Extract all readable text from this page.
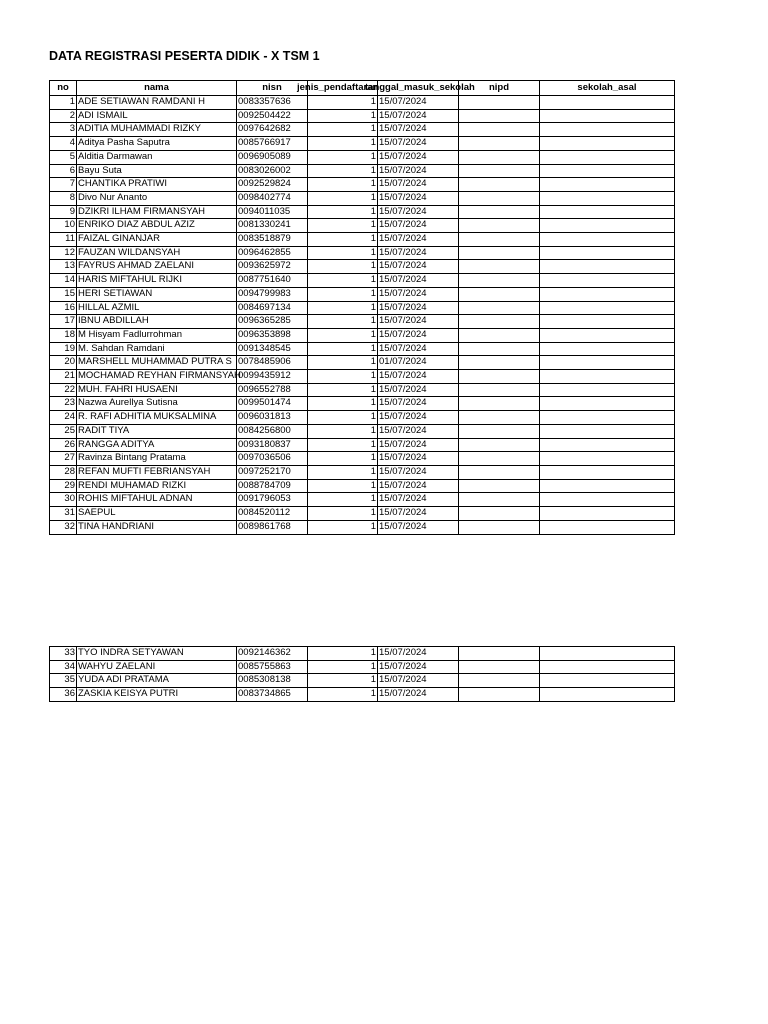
DATA REGISTRASI PESERTA DIDIK - X TSM 1
no	nama	nisn	jenis_pendaftaran	tanggal_masuk_sekolah	nipd	sekolah_asal
1	ADE SETIAWAN RAMDANI H	0083357636	1	15/07/2024		
2	ADI ISMAIL	0092504422	1	15/07/2024		
3	ADITIA MUHAMMADI RIZKY	0097642682	1	15/07/2024		
4	Aditya Pasha Saputra	0085766917	1	15/07/2024		
5	Alditia Darmawan	0096905089	1	15/07/2024		
6	Bayu Suta	0083026002	1	15/07/2024		
7	CHANTIKA PRATIWI	0092529824	1	15/07/2024		
8	Divo Nur Ananto	0098402774	1	15/07/2024		
9	DZIKRI ILHAM FIRMANSYAH	0094011035	1	15/07/2024		
10	ENRIKO DIAZ ABDUL AZIZ	0081330241	1	15/07/2024		
11	FAIZAL GINANJAR	0083518879	1	15/07/2024		
12	FAUZAN WILDANSYAH	0096462855	1	15/07/2024		
13	FAYRUS AHMAD ZAELANI	0093625972	1	15/07/2024		
14	HARIS MIFTAHUL RIJKI	0087751640	1	15/07/2024		
15	HERI SETIAWAN	0094799983	1	15/07/2024		
16	HILLAL AZMIL	0084697134	1	15/07/2024		
17	IBNU ABDILLAH	0096365285	1	15/07/2024		
18	M Hisyam Fadlurrohman	0096353898	1	15/07/2024		
19	M. Sahdan Ramdani	0091348545	1	15/07/2024		
20	MARSHELL MUHAMMAD PUTRA S	0078485906	1	01/07/2024		
21	MOCHAMAD REYHAN FIRMANSYAH	0099435912	1	15/07/2024		
22	MUH. FAHRI HUSAENI	0096552788	1	15/07/2024		
23	Nazwa Aurellya Sutisna	0099501474	1	15/07/2024		
24	R. RAFI ADHITIA MUKSALMINA	0096031813	1	15/07/2024		
25	RADIT TIYA	0084256800	1	15/07/2024		
26	RANGGA ADITYA	0093180837	1	15/07/2024		
27	Ravinza Bintang Pratama	0097036506	1	15/07/2024		
28	REFAN MUFTI FEBRIANSYAH	0097252170	1	15/07/2024		
29	RENDI MUHAMAD RIZKI	0088784709	1	15/07/2024		
30	ROHIS MIFTAHUL ADNAN	0091796053	1	15/07/2024		
31	SAEPUL	0084520112	1	15/07/2024		
32	TINA HANDRIANI	0089861768	1	15/07/2024		
33	TYO INDRA SETYAWAN	0092146362	1	15/07/2024		
34	WAHYU ZAELANI	0085755863	1	15/07/2024		
35	YUDA ADI PRATAMA	0085308138	1	15/07/2024		
36	ZASKIA KEISYA PUTRI	0083734865	1	15/07/2024		
